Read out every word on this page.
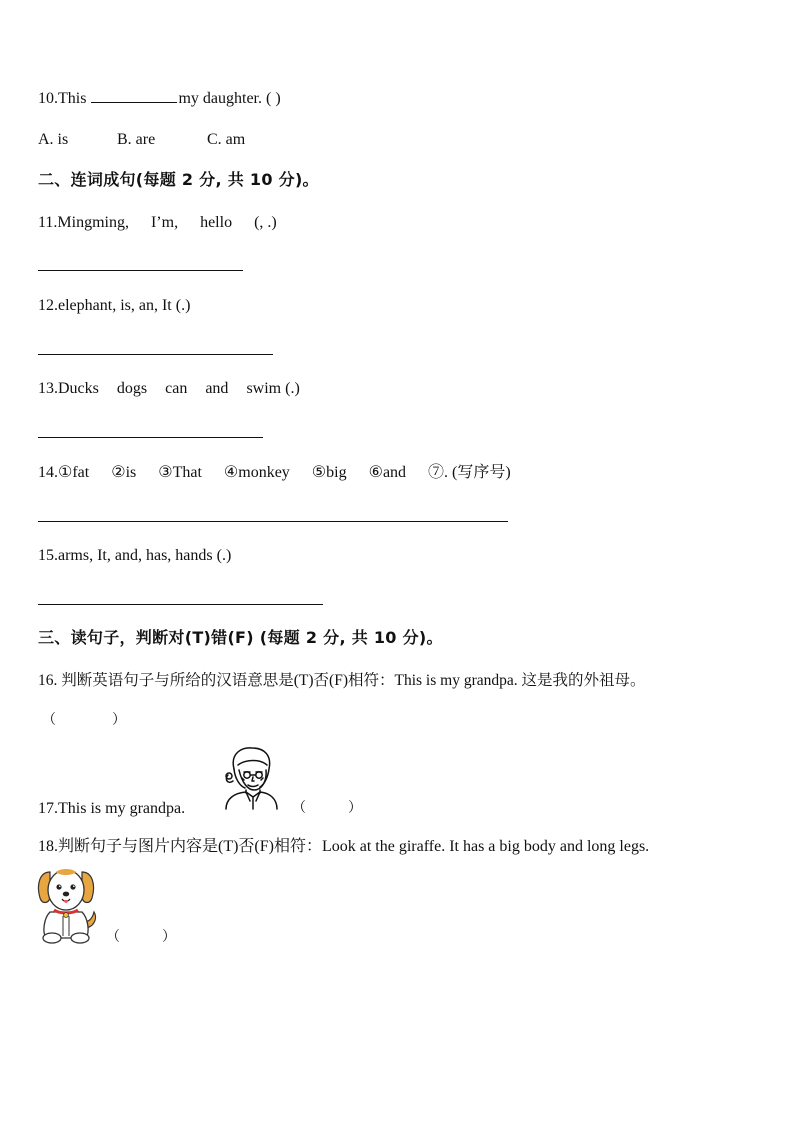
10.This	my daughter. ( )
A. is	B. are	C. am
二、连词成句(每题 2 分, 共 10 分)。
11.Mingming, I’m, hello (, .)
12.elephant, is, an, It (.)
13.Ducks dogs can and swim (.)
14.①fat ②is ③That ④monkey ⑤big ⑥and ⑦. (写序号)
15.arms, It, and, has, hands (.)
三、读句子，判断对(T)错(F) (每题 2 分, 共 10 分)。
16. 判断英语句子与所给的汉语意思是(T)否(F)相符：This is my grandpa. 这是我的外祖母。
（　　　　）
17.This is my grandpa.	（　　　）
18.判断句子与图片内容是(T)否(F)相符：Look at the giraffe. It has a big body and long legs.
（　　　）
